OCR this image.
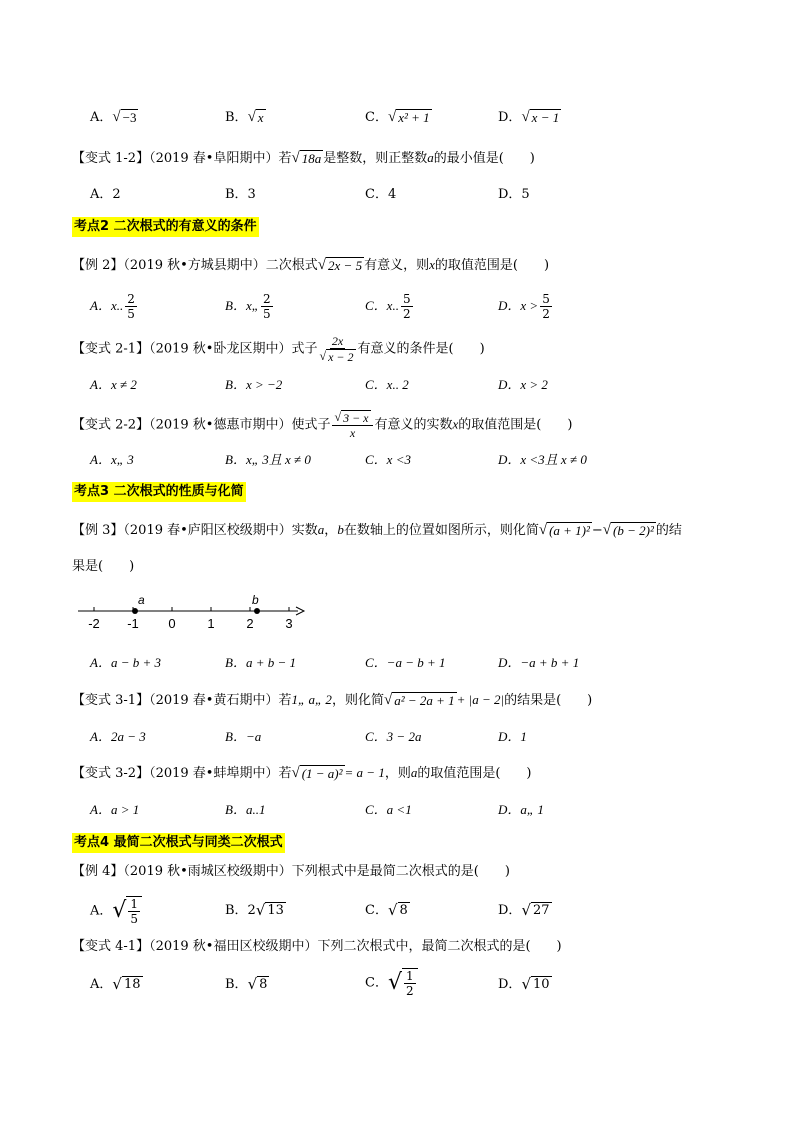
A． √ −3	B． √ x	C． √ x² + 1	D． √ x − 1
【变式 1-2】（2019 春•阜阳期中）若 √ 18a 是整数，则正整数a的最小值是( )
A．2	B．3	C．4	D．5
考点2 二次根式的有意义的条件
【例 2】（2019 秋•方城县期中）二次根式 √ 2x − 5 有意义，则x的取值范围是( )
A．x.. $\frac{2}{5}$	B．x„ $\frac{2}{5}$	C．x.. $\frac{5}{2}$	D．$x > \frac{5}{2}$
【变式 2-1】（2019 秋•卧龙区期中）式子 $\frac{2x}{√ x - 2}$ 有意义的条件是( )
A．x ≠ 2	B．x > −2	C．x.. 2	D．x > 2
【变式 2-2】（2019 秋•德惠市期中）使式子 $\frac{√ 3 - x}{x}$ 有意义的实数x的取值范围是( )
A．x„ 3	B．x„ 3且 x ≠ 0	C．x <3	D．x <3且 x ≠ 0
考点3 二次根式的性质与化简
【例 3】（2019 春•庐阳区校级期中）实数a，b在数轴上的位置如图所示，则化简 √ (a + 1)² − √ (b − 2)² 的结
果是( )
-2 -1 0 1 2 3
a	b
A．a − b + 3	B．a + b − 1	C．−a − b + 1	D．−a + b + 1
【变式 3-1】（2019 春•黄石期中）若1„ a„ 2，则化简 √ a² − 2a + 1 + |a − 2|的结果是( )
A．2a − 3	B．−a	C．3 − 2a	D．1
【变式 3-2】（2019 春•蚌埠期中）若 √ (1 − a)² = a − 1，则a的取值范围是( )
A．a > 1	B．a..1	C．a <1	D．a„ 1
考点4 最简二次根式与同类二次根式
【例 4】（2019 秋•雨城区校级期中）下列根式中是最简二次根式的是( )
A． √ $\frac{1}{5}$	B．2 √ 13	C． √ 8	D． √ 27
【变式 4-1】（2019 秋•福田区校级期中）下列二次根式中，最简二次根式的是( )
A． √ 18	B． √ 8	C． √ $\frac{1}{2}$	D． √ 10
